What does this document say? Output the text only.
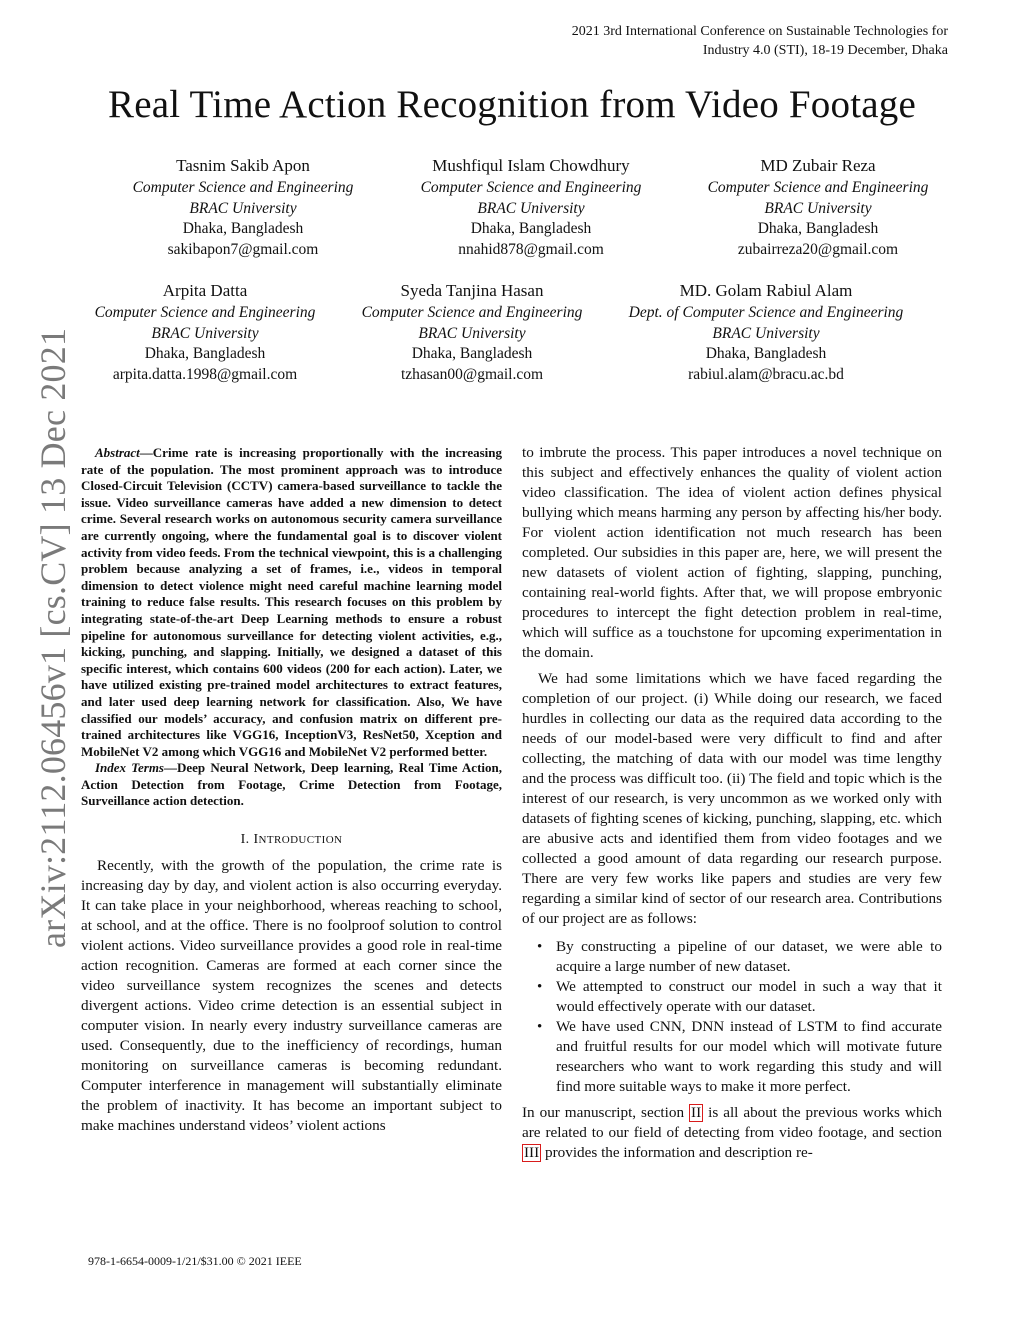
2021 3rd International Conference on Sustainable Technologies for
Industry 4.0 (STI), 18-19 December, Dhaka
Real Time Action Recognition from Video Footage
Tasnim Sakib Apon
Computer Science and Engineering
BRAC University
Dhaka, Bangladesh
sakibapon7@gmail.com
Mushfiqul Islam Chowdhury
Computer Science and Engineering
BRAC University
Dhaka, Bangladesh
nnahid878@gmail.com
MD Zubair Reza
Computer Science and Engineering
BRAC University
Dhaka, Bangladesh
zubairreza20@gmail.com
Arpita Datta
Computer Science and Engineering
BRAC University
Dhaka, Bangladesh
arpita.datta.1998@gmail.com
Syeda Tanjina Hasan
Computer Science and Engineering
BRAC University
Dhaka, Bangladesh
tzhasan00@gmail.com
MD. Golam Rabiul Alam
Dept. of Computer Science and Engineering
BRAC University
Dhaka, Bangladesh
rabiul.alam@bracu.ac.bd
arXiv:2112.06456v1 [cs.CV] 13 Dec 2021	Abstract—Crime rate is increasing proportionally with the increasing rate of the population. The most prominent approach was to introduce Closed-Circuit Television (CCTV) camera-based surveillance to tackle the issue. Video surveillance cameras have added a new dimension to detect crime. Several research works on autonomous security camera surveillance are currently ongoing, where the fundamental goal is to discover violent activity from video feeds. From the technical viewpoint, this is a challenging problem because analyzing a set of frames, i.e., videos in temporal dimension to detect violence might need careful machine learning model training to reduce false results. This research focuses on this problem by integrating state-of-the-art Deep Learning methods to ensure a robust pipeline for autonomous surveillance for detecting violent activities, e.g., kicking, punching, and slapping. Initially, we designed a dataset of this specific interest, which contains 600 videos (200 for each action). Later, we have utilized existing pre-trained model architectures to extract features, and later used deep learning network for classification. Also, We have classified our models’ accuracy, and confusion matrix on different pre-trained architectures like VGG16, InceptionV3, ResNet50, Xception and MobileNet V2 among which VGG16 and MobileNet V2 performed better.

Index Terms—Deep Neural Network, Deep learning, Real Time Action, Action Detection from Footage, Crime Detection from Footage, Surveillance action detection.

I. INTRODUCTION

Recently, with the growth of the population, the crime rate is increasing day by day, and violent action is also occurring everyday. It can take place in your neighborhood, whereas reaching to school, at school, and at the office. There is no foolproof solution to control violent actions. Video surveillance provides a good role in real-time action recognition. Cameras are formed at each corner since the video surveillance system recognizes the scenes and detects divergent actions. Video crime detection is an essential subject in computer vision. In nearly every industry surveillance cameras are used. Consequently, due to the inefficiency of recordings, human monitoring on surveillance cameras is becoming redundant. Computer interference in management will substantially eliminate the problem of inactivity. It has become an important subject to make machines understand videos’ violent actions

to imbrute the process. This paper introduces a novel technique on this subject and effectively enhances the quality of violent action video classification. The idea of violent action defines physical bullying which means harming any person by affecting his/her body. For violent action identification not much research has been completed. Our subsidies in this paper are, here, we will present the new datasets of violent action of fighting, slapping, punching, containing real-world fights. After that, we will propose embryonic procedures to intercept the fight detection problem in real-time, which will suffice as a touchstone for upcoming experimentation in the domain.

We had some limitations which we have faced regarding the completion of our project. (i) While doing our research, we faced hurdles in collecting our data as the required data according to the needs of our model-based were very difficult to find and after collecting, the matching of data with our model was time lengthy and the process was difficult too. (ii) The field and topic which is the interest of our research, is very uncommon as we worked only with datasets of fighting scenes of kicking, punching, slapping, etc. which are abusive acts and identified them from video footages and we collected a good amount of data regarding our research purpose. There are very few works like papers and studies are very few regarding a similar kind of sector of our research area. Contributions of our project are as follows:

• By constructing a pipeline of our dataset, we were able to acquire a large number of new dataset.
• We attempted to construct our model in such a way that it would effectively operate with our dataset.
• We have used CNN, DNN instead of LSTM to find accurate and fruitful results for our model which will motivate future researchers who want to work regarding this study and will find more suitable ways to make it more perfect.

In our manuscript, section II is all about the previous works which are related to our field of detecting from video footage, and section III provides the information and description re-

978-1-6654-0009-1/21/$31.00 © 2021 IEEE
